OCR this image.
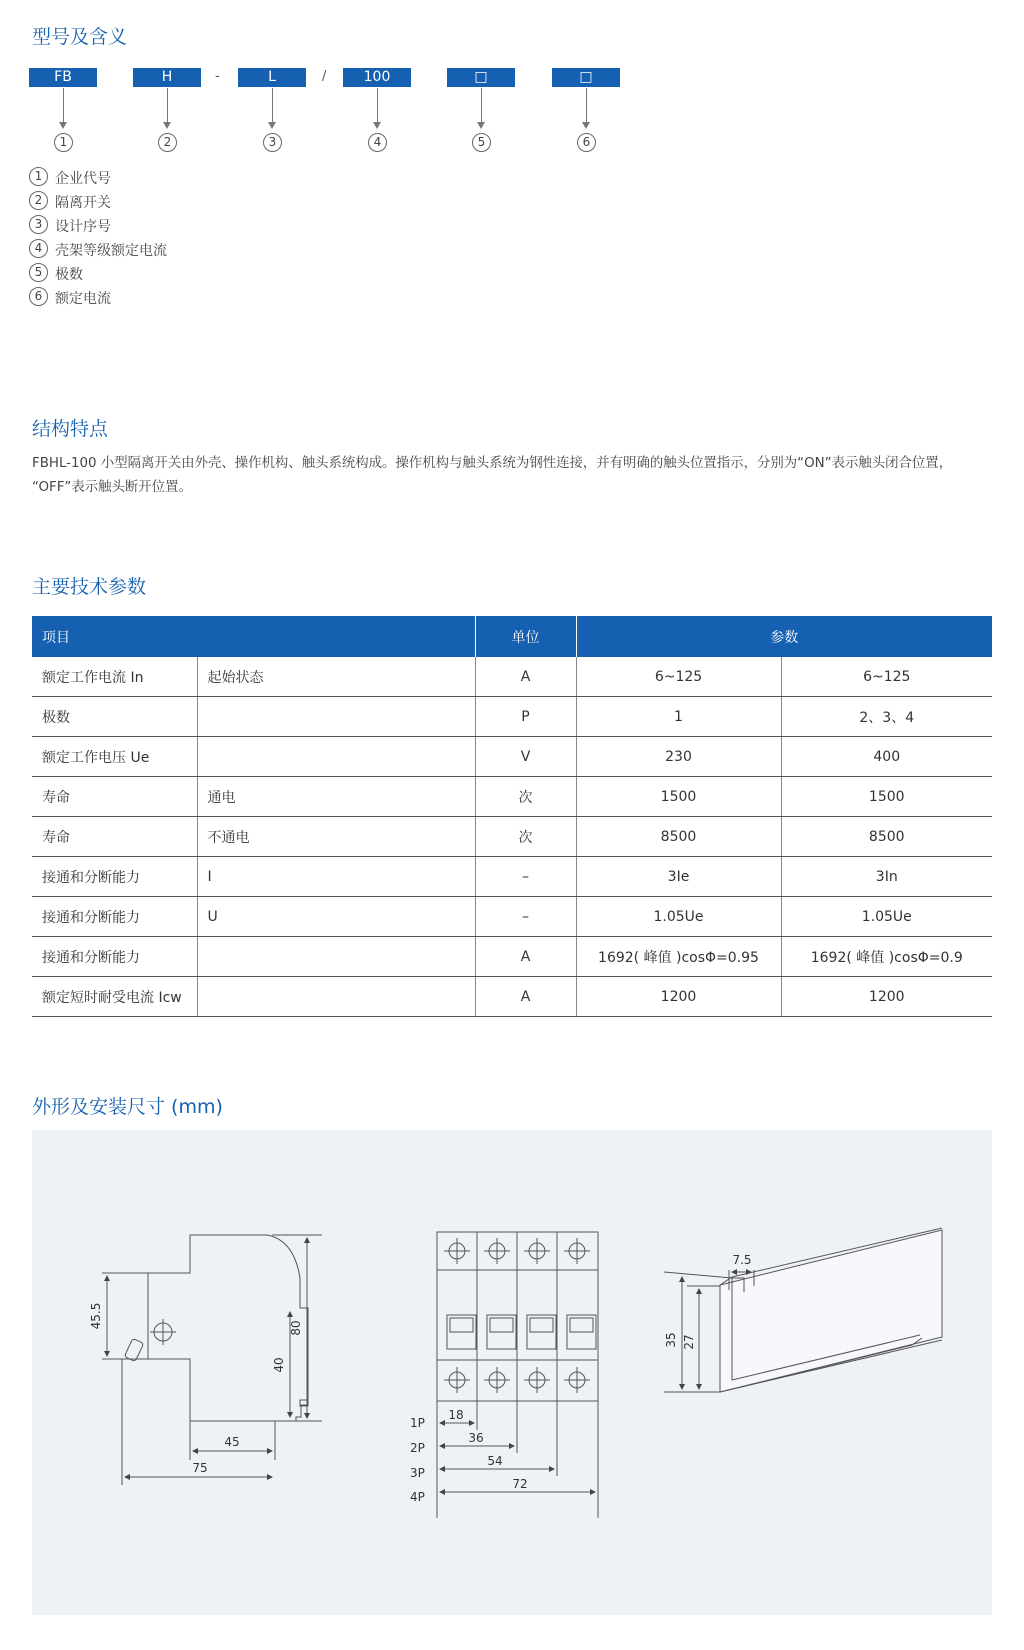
型号及含义
FB	H	-	L	/	100	□	□
1	2	3	4	5	6
1 企业代号
2 隔离开关
3 设计序号
4 壳架等级额定电流
5 极数
6 额定电流
结构特点
FBHL-100 小型隔离开关由外壳、操作机构、触头系统构成。操作机构与触头系统为钢性连接，并有明确的触头位置指示，分别为“ON”表示触头闭合位置，
“OFF”表示触头断开位置。
主要技术参数
项目		单位	参数	
额定工作电流 In	起始状态	A	6~125	6~125
极数		P	1	2、3、4
额定工作电压 Ue		V	230	400
寿命	通电	次	1500	1500
寿命	不通电	次	8500	8500
接通和分断能力	I	–	3Ie	3In
接通和分断能力	U	–	1.05Ue	1.05Ue
接通和分断能力		A	1692( 峰值 )cosΦ=0.95	1692( 峰值 )cosΦ=0.9
额定短时耐受电流 Icw		A	1200	1200
外形及安装尺寸 (mm)
45.5
40
80
45
75
18
36
54
72
1P
2P
3P
4P
7.5
35 27
